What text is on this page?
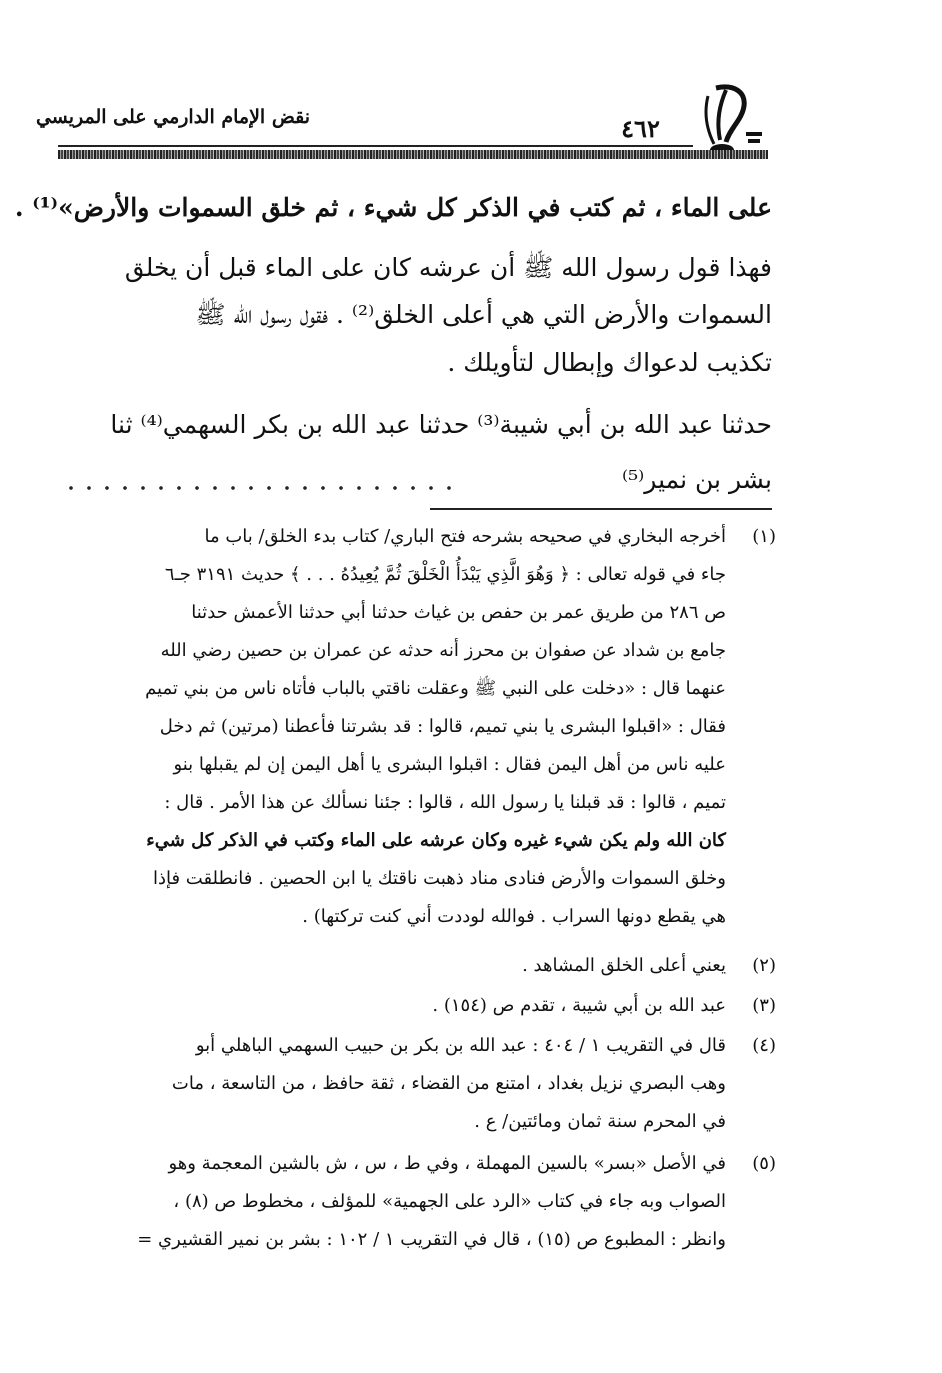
نقض الإمام الدارمي على المريسي	٤٦٢
على الماء ، ثم كتب في الذكر كل شيء ، ثم خلق السموات والأرض»⁽¹⁾ .
فهذا قول رسول الله ﷺ أن عرشه كان على الماء قبل أن يخلق
السموات والأرض التي هي أعلى الخلق⁽²⁾ . فقول رسول الله ﷺ
تكذيب لدعواك وإبطال لتأويلك .
حدثنا عبد الله بن أبي شيبة⁽³⁾ حدثنا عبد الله بن بكر السهمي⁽⁴⁾ ثنا
بشر بن نمير⁽⁵⁾
(١)
أخرجه البخاري في صحيحه بشرحه فتح الباري/ كتاب بدء الخلق/ باب ما
جاء في قوله تعالى : ﴿ وَهُوَ الَّذِي يَبْدَأُ الْخَلْقَ ثُمَّ يُعِيدُهُ . . . ﴾ حديث ٣١٩١ جـ٦
ص ٢٨٦ من طريق عمر بن حفص بن غياث حدثنا أبي حدثنا الأعمش حدثنا
جامع بن شداد عن صفوان بن محرز أنه حدثه عن عمران بن حصين رضي الله
عنهما قال : «دخلت على النبي ﷺ وعقلت ناقتي بالباب فأتاه ناس من بني تميم
فقال : «اقبلوا البشرى يا بني تميم، قالوا : قد بشرتنا فأعطنا (مرتين) ثم دخل
عليه ناس من أهل اليمن فقال : اقبلوا البشرى يا أهل اليمن إن لم يقبلها بنو
تميم ، قالوا : قد قبلنا يا رسول الله ، قالوا : جئنا نسألك عن هذا الأمر . قال :
كان الله ولم يكن شيء غيره وكان عرشه على الماء وكتب في الذكر كل شيء
وخلق السموات والأرض فنادى مناد ذهبت ناقتك يا ابن الحصين . فانطلقت فإذا
هي يقطع دونها السراب . فوالله لوددت أني كنت تركتها) .
(٢)
يعني أعلى الخلق المشاهد .
(٣)
عبد الله بن أبي شيبة ، تقدم ص (١٥٤) .
(٤)
قال في التقريب ١ / ٤٠٤ : عبد الله بن بكر بن حبيب السهمي الباهلي أبو
وهب البصري نزيل بغداد ، امتنع من القضاء ، ثقة حافظ ، من التاسعة ، مات
في المحرم سنة ثمان ومائتين/ ع .
(٥)
في الأصل «بسر» بالسين المهملة ، وفي ط ، س ، ش بالشين المعجمة وهو
الصواب وبه جاء في كتاب «الرد على الجهمية» للمؤلف ، مخطوط ص (٨) ،
وانظر : المطبوع ص (١٥) ، قال في التقريب ١ / ١٠٢ : بشر بن نمير القشيري =
